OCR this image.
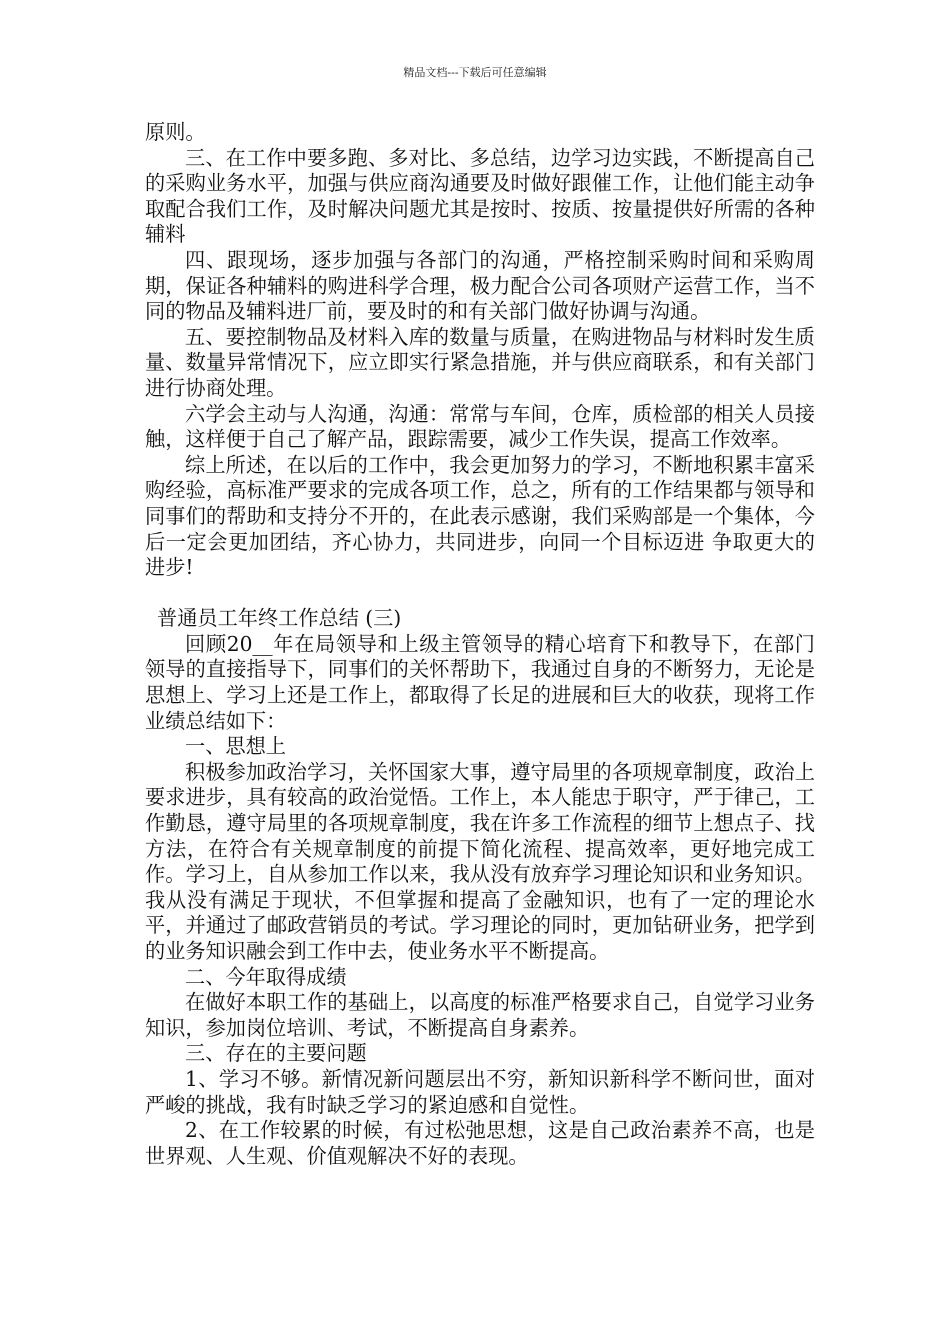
精品文档---下载后可任意编辑

原则。

三、在工作中要多跑、多对比、多总结，边学习边实践，不断提高自己的采购业务水平，加强与供应商沟通要及时做好跟催工作，让他们能主动争取配合我们工作，及时解决问题尤其是按时、按质、按量提供好所需的各种辅料

四、跟现场，逐步加强与各部门的沟通，严格控制采购时间和采购周期，保证各种辅料的购进科学合理，极力配合公司各项财产运营工作，当不同的物品及辅料进厂前，要及时的和有关部门做好协调与沟通。

五、要控制物品及材料入库的数量与质量，在购进物品与材料时发生质量、数量异常情况下，应立即实行紧急措施，并与供应商联系，和有关部门进行协商处理。

六学会主动与人沟通，沟通：常常与车间，仓库，质检部的相关人员接触，这样便于自己了解产品，跟踪需要，减少工作失误，提高工作效率。

综上所述，在以后的工作中，我会更加努力的学习，不断地积累丰富采购经验，高标准严要求的完成各项工作，总之，所有的工作结果都与领导和同事们的帮助和支持分不开的，在此表示感谢，我们采购部是一个集体，今后一定会更加团结，齐心协力，共同进步，向同一个目标迈进 争取更大的进步!

普通员工年终工作总结 (三)

回顾20__年在局领导和上级主管领导的精心培育下和教导下，在部门领导的直接指导下，同事们的关怀帮助下，我通过自身的不断努力，无论是思想上、学习上还是工作上，都取得了长足的进展和巨大的收获，现将工作业绩总结如下：

一、思想上

积极参加政治学习，关怀国家大事，遵守局里的各项规章制度，政治上要求进步，具有较高的政治觉悟。工作上，本人能忠于职守，严于律己，工作勤恳，遵守局里的各项规章制度，我在许多工作流程的细节上想点子、找方法，在符合有关规章制度的前提下简化流程、提高效率，更好地完成工作。学习上，自从参加工作以来，我从没有放弃学习理论知识和业务知识。我从没有满足于现状，不但掌握和提高了金融知识，也有了一定的理论水平，并通过了邮政营销员的考试。学习理论的同时，更加钻研业务，把学到的业务知识融会到工作中去，使业务水平不断提高。

二、今年取得成绩

在做好本职工作的基础上，以高度的标准严格要求自己，自觉学习业务知识，参加岗位培训、考试，不断提高自身素养。

三、存在的主要问题

1、学习不够。新情况新问题层出不穷，新知识新科学不断问世，面对严峻的挑战，我有时缺乏学习的紧迫感和自觉性。

2、在工作较累的时候，有过松弛思想，这是自己政治素养不高，也是世界观、人生观、价值观解决不好的表现。
